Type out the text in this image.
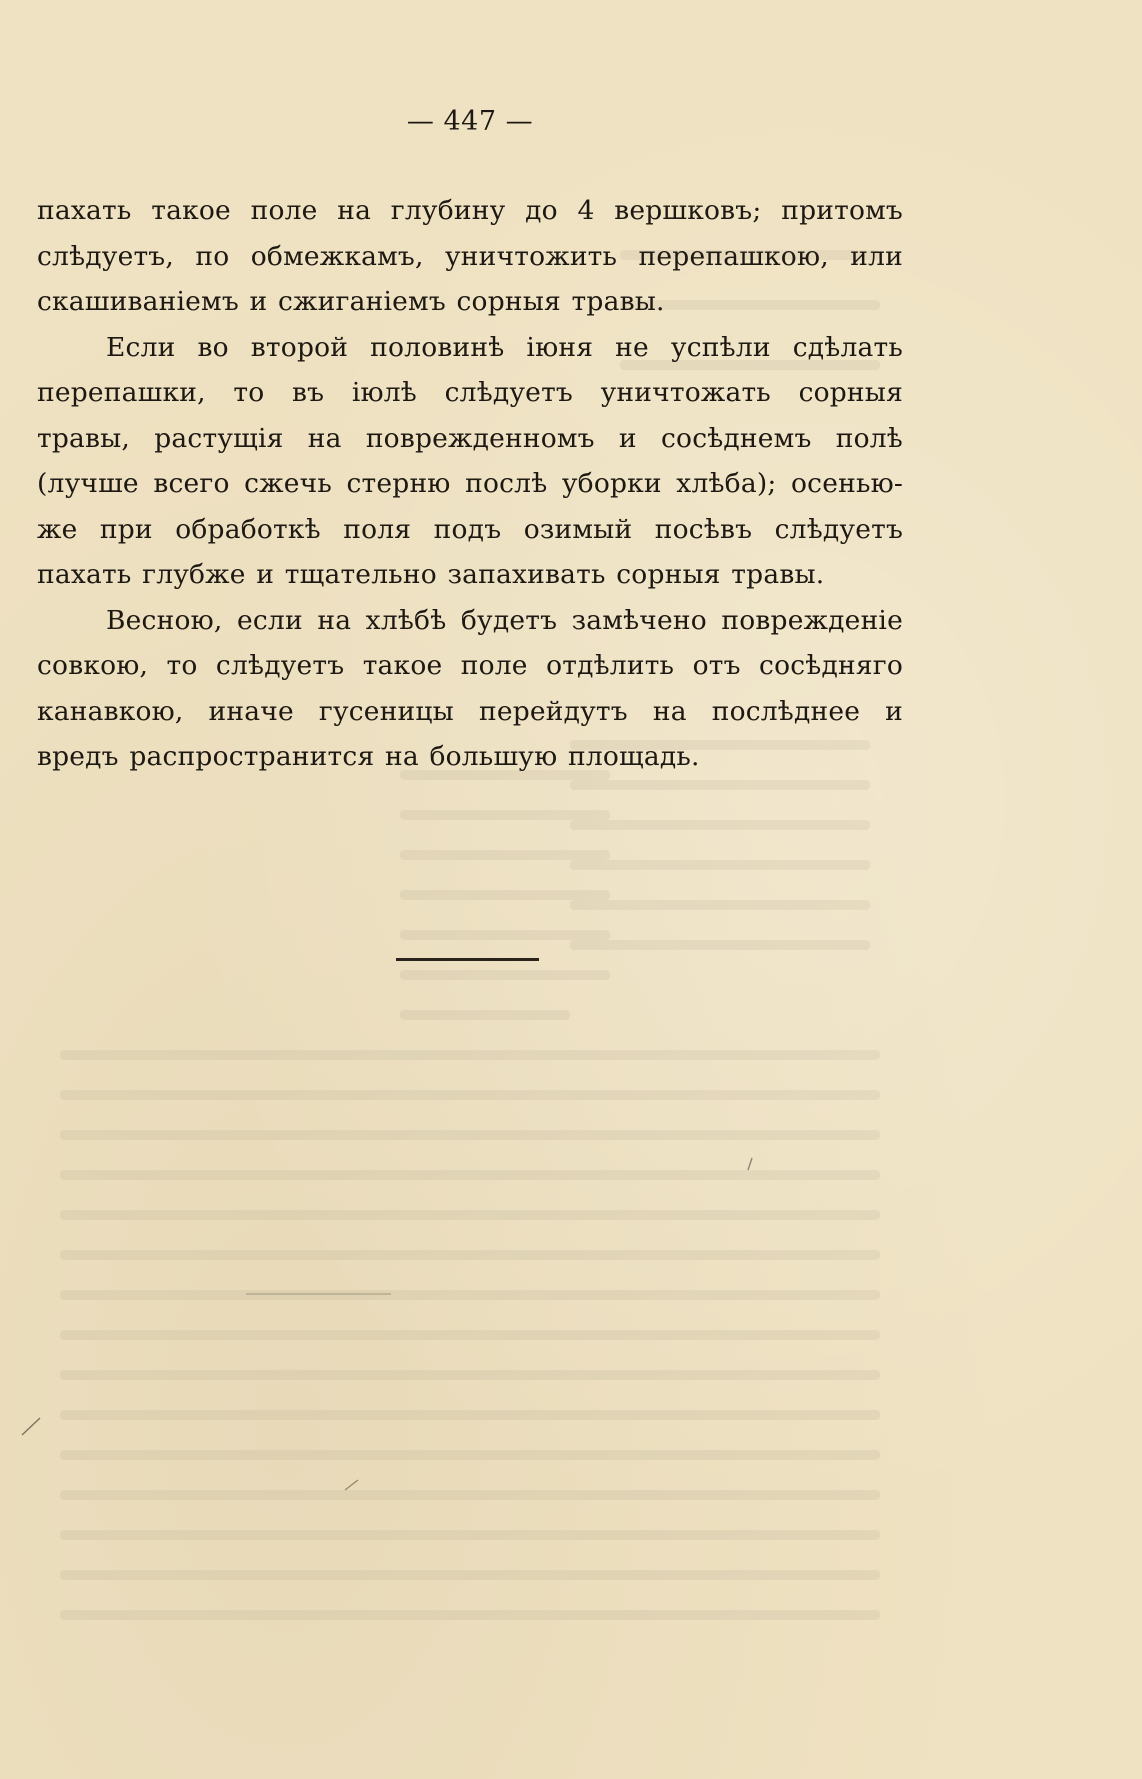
— 447 —

пахать такое поле на глубину до 4 вершковъ; притомъ слѣдуетъ, по обмежкамъ, уничтожить перепашкою, или скашиваніемъ и сжиганіемъ сорныя травы.

Если во второй половинѣ іюня не успѣли сдѣлать перепашки, то въ іюлѣ слѣдуетъ уничтожать сорныя травы, растущія на поврежденномъ и сосѣднемъ полѣ (лучше всего сжечь стерню послѣ уборки хлѣба); осенью-же при обработкѣ поля подъ озимый посѣвъ слѣдуетъ пахать глубже и тщательно запахивать сорныя травы.

Весною, если на хлѣбѣ будетъ замѣчено поврежденіе совкою, то слѣдуетъ такое поле отдѣлить отъ сосѣдняго канавкою, иначе гусеницы перейдутъ на послѣднее и вредъ распространится на большую площадь.
